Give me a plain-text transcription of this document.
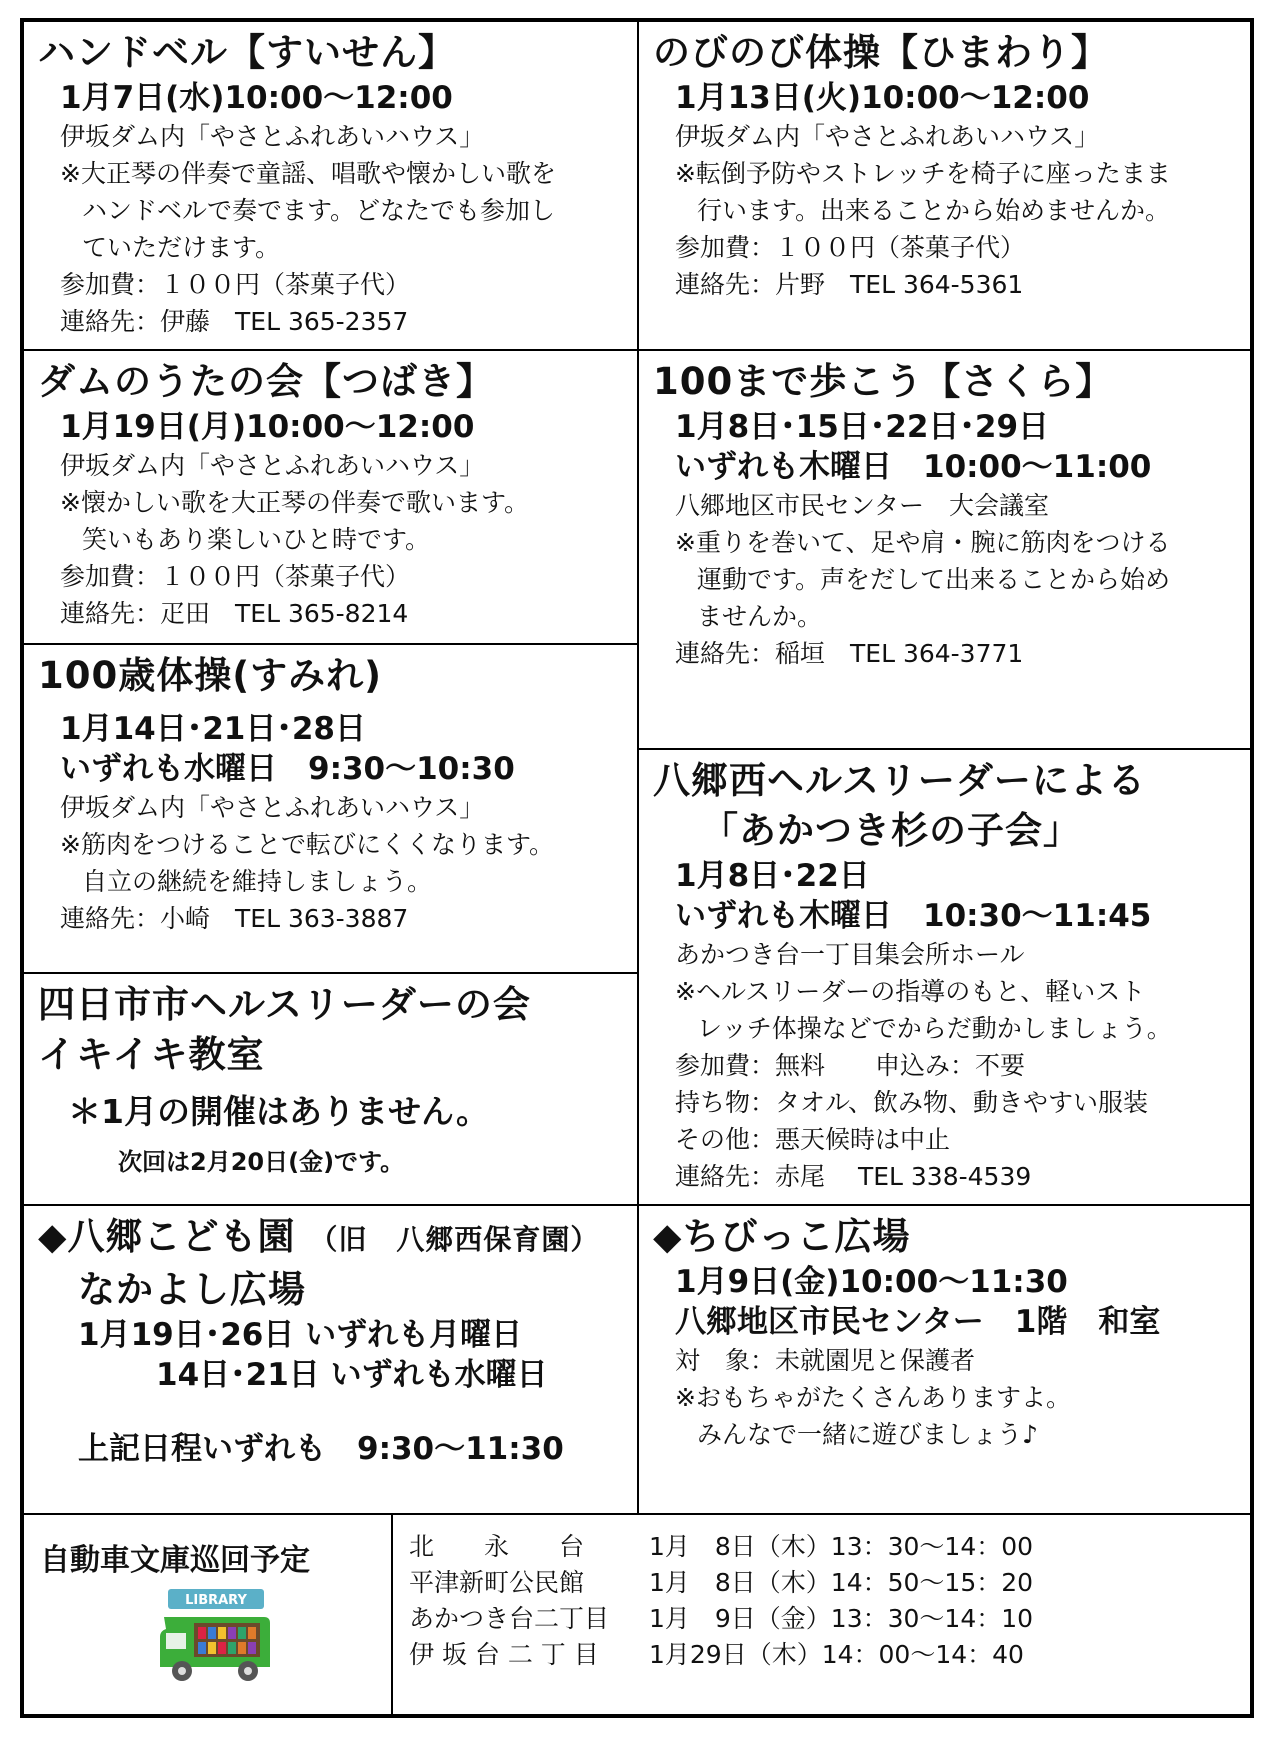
ハンドベル【すいせん】
1月7日(水)10:00～12:00
伊坂ダム内「やさとふれあいハウス」
※大正琴の伴奏で童謡、唱歌や懐かしい歌を
ハンドベルで奏でます。どなたでも参加し
ていただけます。
参加費：１００円（茶菓子代）
連絡先：伊藤　TEL 365-2357
のびのび体操【ひまわり】
1月13日(火)10:00～12:00
伊坂ダム内「やさとふれあいハウス」
※転倒予防やストレッチを椅子に座ったまま
行います。出来ることから始めませんか。
参加費：１００円（茶菓子代）
連絡先：片野　TEL 364-5361
ダムのうたの会【つばき】
1月19日(月)10:00～12:00
伊坂ダム内「やさとふれあいハウス」
※懐かしい歌を大正琴の伴奏で歌います。
笑いもあり楽しいひと時です。
参加費：１００円（茶菓子代）
連絡先：疋田　TEL 365-8214
100まで歩こう【さくら】
1月8日･15日･22日･29日
いずれも木曜日　10:00～11:00
八郷地区市民センター　大会議室
※重りを巻いて、足や肩・腕に筋肉をつける
運動です。声をだして出来ることから始め
ませんか。
連絡先：稲垣　TEL 364-3771
100歳体操(すみれ)
1月14日･21日･28日
いずれも水曜日　9:30～10:30
伊坂ダム内「やさとふれあいハウス」
※筋肉をつけることで転びにくくなります。
自立の継続を維持しましょう。
連絡先：小崎　TEL 363-3887
八郷西ヘルスリーダーによる
「あかつき杉の子会」
1月8日･22日
いずれも木曜日　10:30～11:45
あかつき台一丁目集会所ホール
※ヘルスリーダーの指導のもと、軽いスト
レッチ体操などでからだ動かしましょう。
参加費：無料　　申込み：不要
持ち物：タオル、飲み物、動きやすい服装
その他：悪天候時は中止
連絡先：赤尾　 TEL 338-4539
四日市市ヘルスリーダーの会
イキイキ教室
＊1月の開催はありません。
次回は2月20日(金)です。
◆八郷こども園 （旧　八郷西保育園）
なかよし広場
1月19日･26日 いずれも月曜日
14日･21日 いずれも水曜日
上記日程いずれも　9:30～11:30
◆ちびっこ広場
1月9日(金)10:00～11:30
八郷地区市民センター　1階　和室
対　象：未就園児と保護者
※おもちゃがたくさんありますよ。
みんなで一緒に遊びましょう♪
自動車文庫巡回予定
LIBRARY
北　　永　　台	1月　8日（木）13：30～14：00
平津新町公民館	1月　8日（木）14：50～15：20
あかつき台二丁目	1月　9日（金）13：30～14：10
伊 坂 台 二 丁 目	1月29日（木）14：00～14：40
